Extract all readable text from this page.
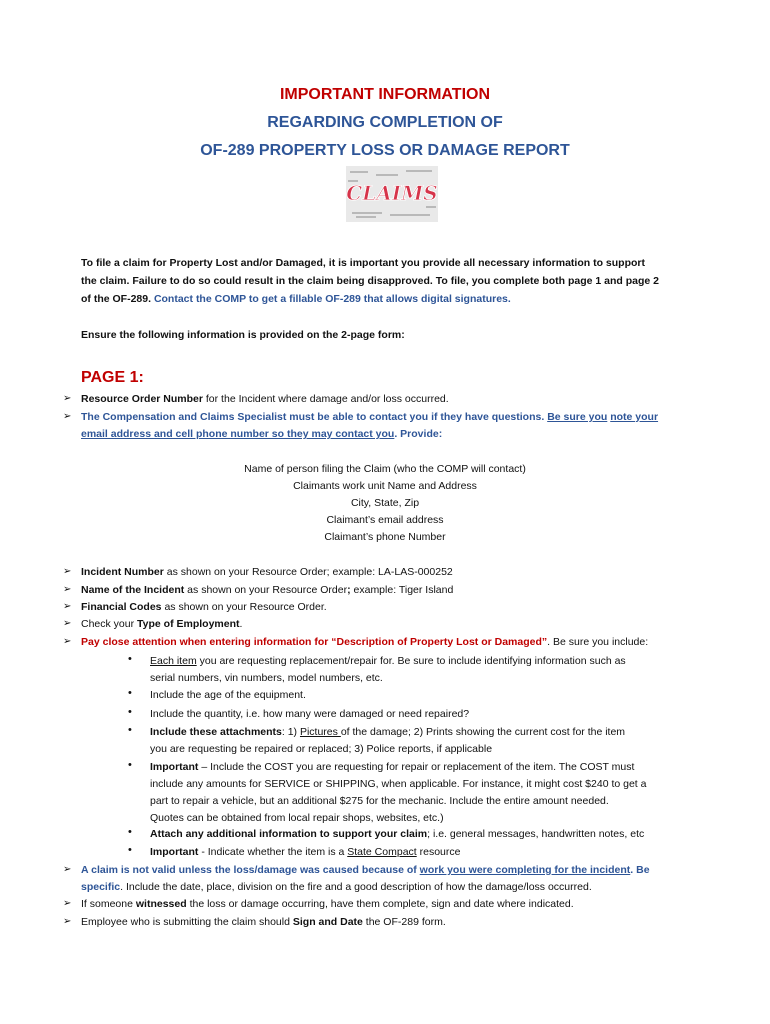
IMPORTANT INFORMATION
REGARDING COMPLETION OF
OF-289 PROPERTY LOSS OR DAMAGE REPORT
CLAIMS
To file a claim for Property Lost and/or Damaged, it is important you provide all necessary information to support
the claim. Failure to do so could result in the claim being disapproved. To file, you complete both page 1 and page 2
of the OF-289. Contact the COMP to get a fillable OF-289 that allows digital signatures.
Ensure the following information is provided on the 2-page form:
PAGE 1:
➢ Resource Order Number for the Incident where damage and/or loss occurred.
➢ The Compensation and Claims Specialist must be able to contact you if they have questions. Be sure you note your
email address and cell phone number so they may contact you. Provide:
Name of person filing the Claim (who the COMP will contact)
Claimants work unit Name and Address
City, State, Zip
Claimant’s email address
Claimant’s phone Number
➢ Incident Number as shown on your Resource Order; example: LA-LAS-000252
➢ Name of the Incident as shown on your Resource Order; example: Tiger Island
➢ Financial Codes as shown on your Resource Order.
➢ Check your Type of Employment.
➢ Pay close attention when entering information for “Description of Property Lost or Damaged”. Be sure you include:
• Each item you are requesting replacement/repair for. Be sure to include identifying information such as
serial numbers, vin numbers, model numbers, etc.
• Include the age of the equipment.
• Include the quantity, i.e. how many were damaged or need repaired?
• Include these attachments: 1) Pictures of the damage; 2) Prints showing the current cost for the item
you are requesting be repaired or replaced; 3) Police reports, if applicable
• Important – Include the COST you are requesting for repair or replacement of the item. The COST must
include any amounts for SERVICE or SHIPPING, when applicable. For instance, it might cost $240 to get a
part to repair a vehicle, but an additional $275 for the mechanic. Include the entire amount needed.
Quotes can be obtained from local repair shops, websites, etc.)
• Attach any additional information to support your claim; i.e. general messages, handwritten notes, etc
• Important - Indicate whether the item is a State Compact resource
➢ A claim is not valid unless the loss/damage was caused because of work you were completing for the incident. Be
specific. Include the date, place, division on the fire and a good description of how the damage/loss occurred.
➢ If someone witnessed the loss or damage occurring, have them complete, sign and date where indicated.
➢ Employee who is submitting the claim should Sign and Date the OF-289 form.
